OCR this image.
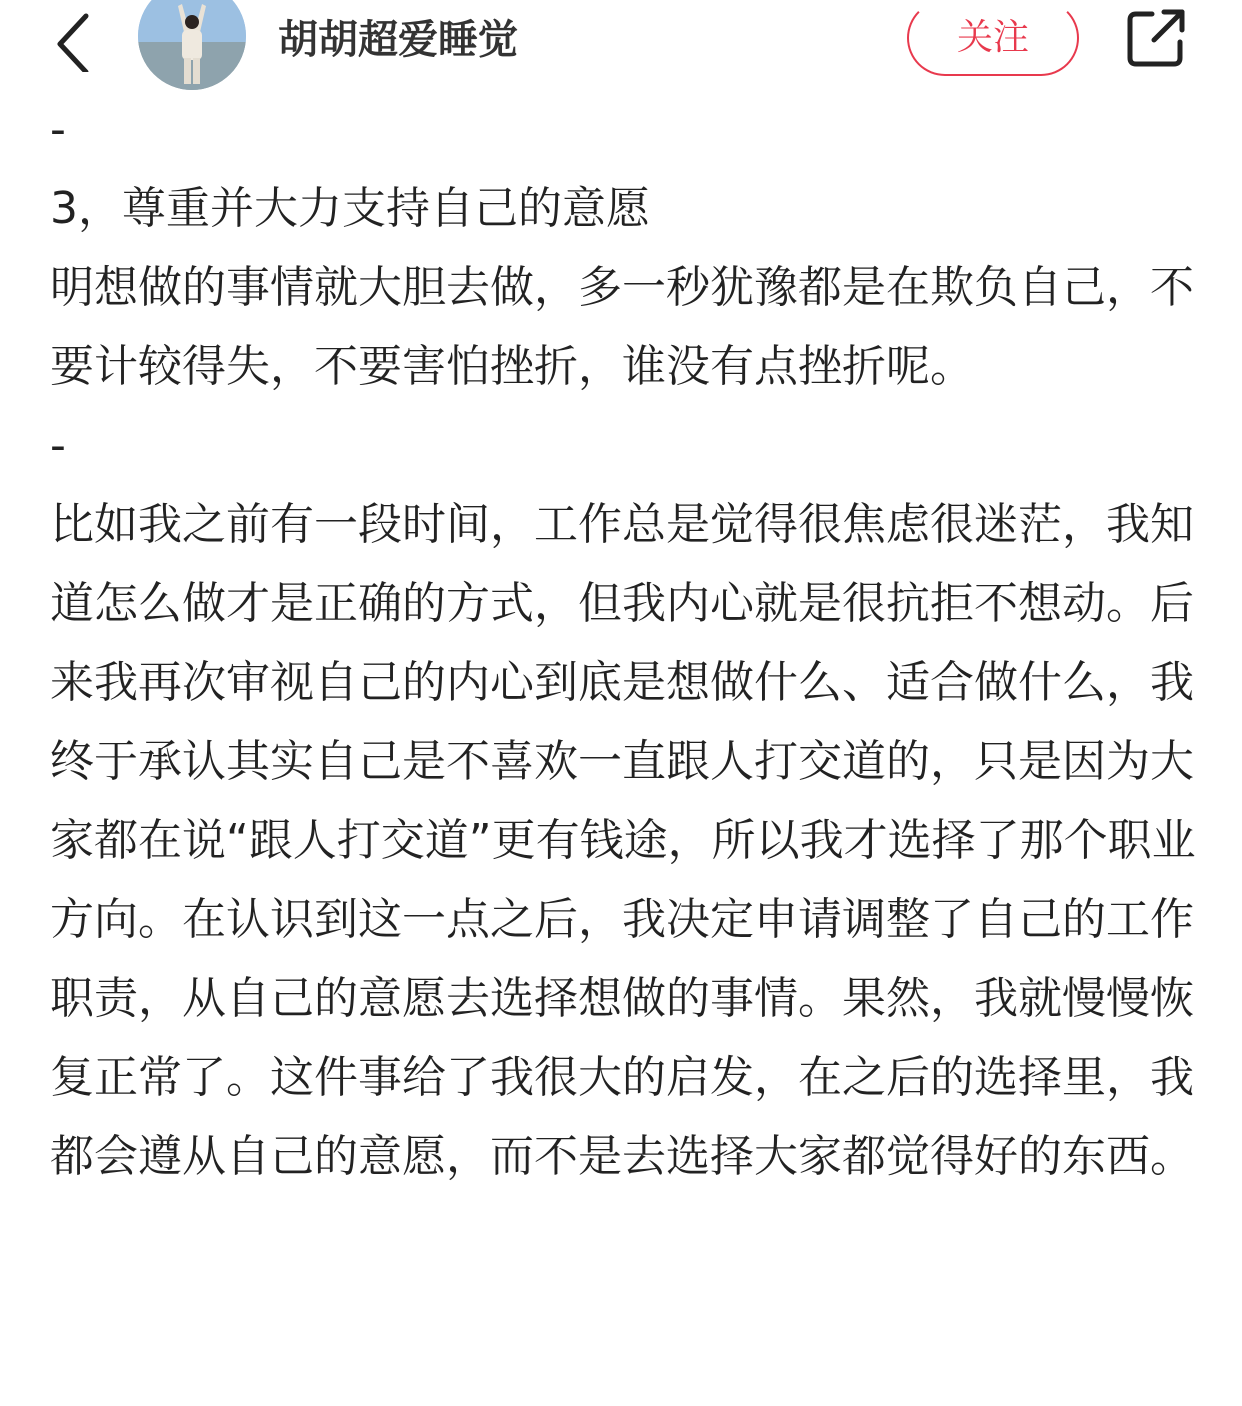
胡胡超爱睡觉	关注

-

3，尊重并大力支持自己的意愿

明想做的事情就大胆去做，多一秒犹豫都是在欺负自己，不要计较得失，不要害怕挫折，谁没有点挫折呢。

-

比如我之前有一段时间，工作总是觉得很焦虑很迷茫，我知道怎么做才是正确的方式，但我内心就是很抗拒不想动。后来我再次审视自己的内心到底是想做什么、适合做什么，我终于承认其实自己是不喜欢一直跟人打交道的，只是因为大家都在说“跟人打交道”更有钱途，所以我才选择了那个职业方向。在认识到这一点之后，我决定申请调整了自己的工作职责，从自己的意愿去选择想做的事情。果然，我就慢慢恢复正常了。这件事给了我很大的启发，在之后的选择里，我都会遵从自己的意愿，而不是去选择大家都觉得好的东西。
